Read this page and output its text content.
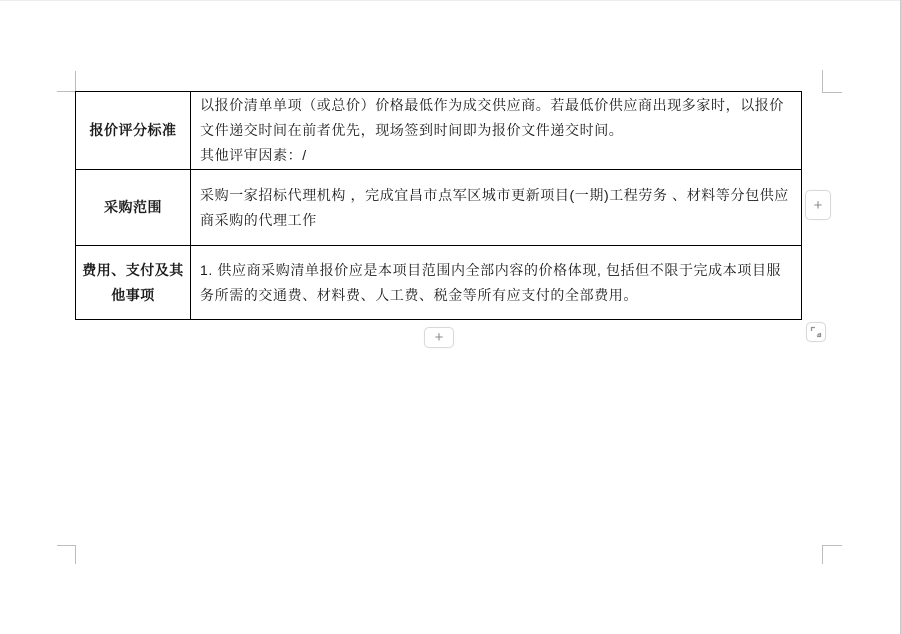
报价评分标准	以报价清单单项（或总价）价格最低作为成交供应商。若最低价供应商出现多家时，以报价文件递交时间在前者优先，现场签到时间即为报价文件递交时间。
其他评审因素：/

采购范围	采购一家招标代理机构 ，完成宜昌市点军区城市更新项目(一期)工程劳务 、材料等分包供应商采购的代理工作

费用、支付及其他事项	1. 供应商采购清单报价应是本项目范围内全部内容的价格体现, 包括但不限于完成本项目服务所需的交通费、材料费、人工费、税金等所有应支付的全部费用。
+
+
